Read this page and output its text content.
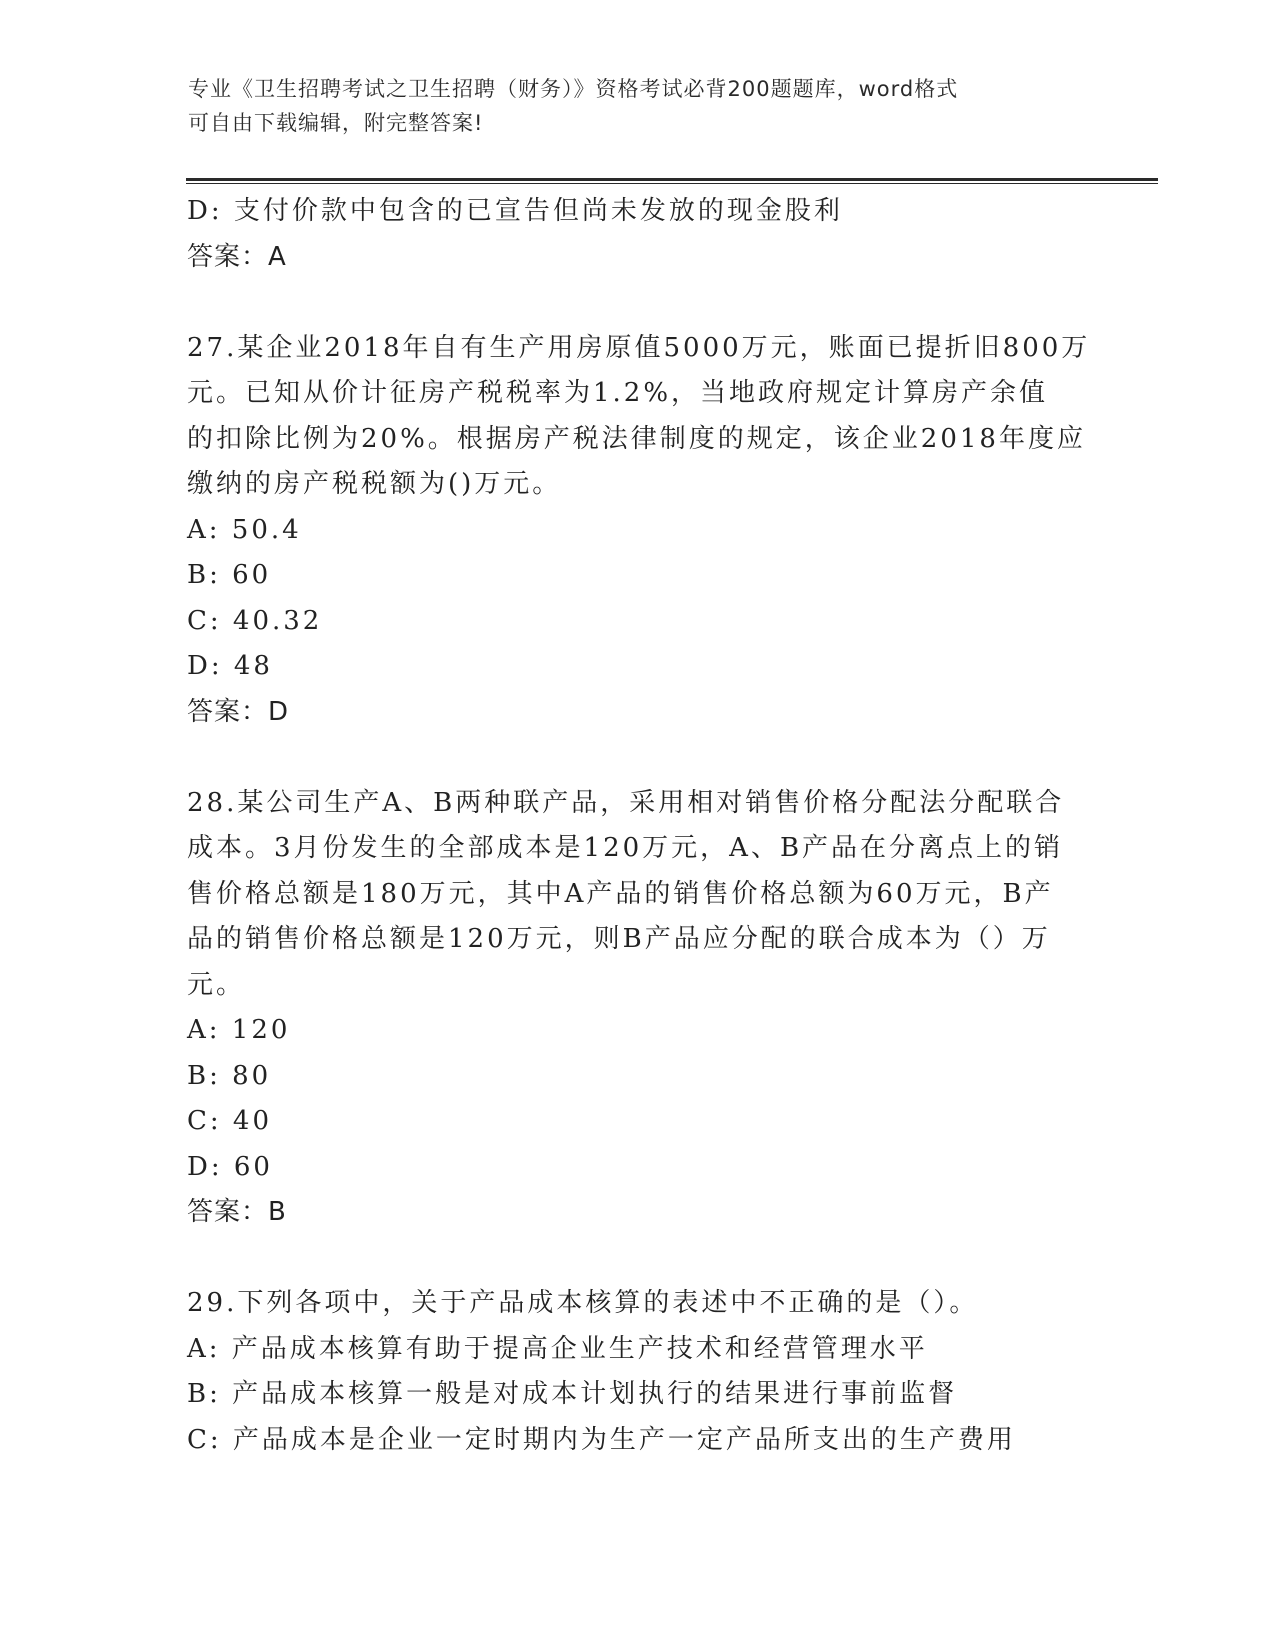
专业《卫生招聘考试之卫生招聘（财务）》资格考试必背200题题库，word格式
可自由下载编辑，附完整答案!
D: 支付价款中包含的已宣告但尚未发放的现金股利
答案：A
27.某企业2018年自有生产用房原值5000万元，账面已提折旧800万
元。已知从价计征房产税税率为1.2%，当地政府规定计算房产余值
的扣除比例为20%。根据房产税法律制度的规定，该企业2018年度应
缴纳的房产税税额为()万元。
A: 50.4
B: 60
C: 40.32
D: 48
答案：D
28.某公司生产A、B两种联产品，采用相对销售价格分配法分配联合
成本。3月份发生的全部成本是120万元，A、B产品在分离点上的销
售价格总额是180万元，其中A产品的销售价格总额为60万元，B产
品的销售价格总额是120万元，则B产品应分配的联合成本为（）万
元。
A: 120
B: 80
C: 40
D: 60
答案：B
29.下列各项中，关于产品成本核算的表述中不正确的是（）。
A: 产品成本核算有助于提高企业生产技术和经营管理水平
B: 产品成本核算一般是对成本计划执行的结果进行事前监督
C: 产品成本是企业一定时期内为生产一定产品所支出的生产费用
